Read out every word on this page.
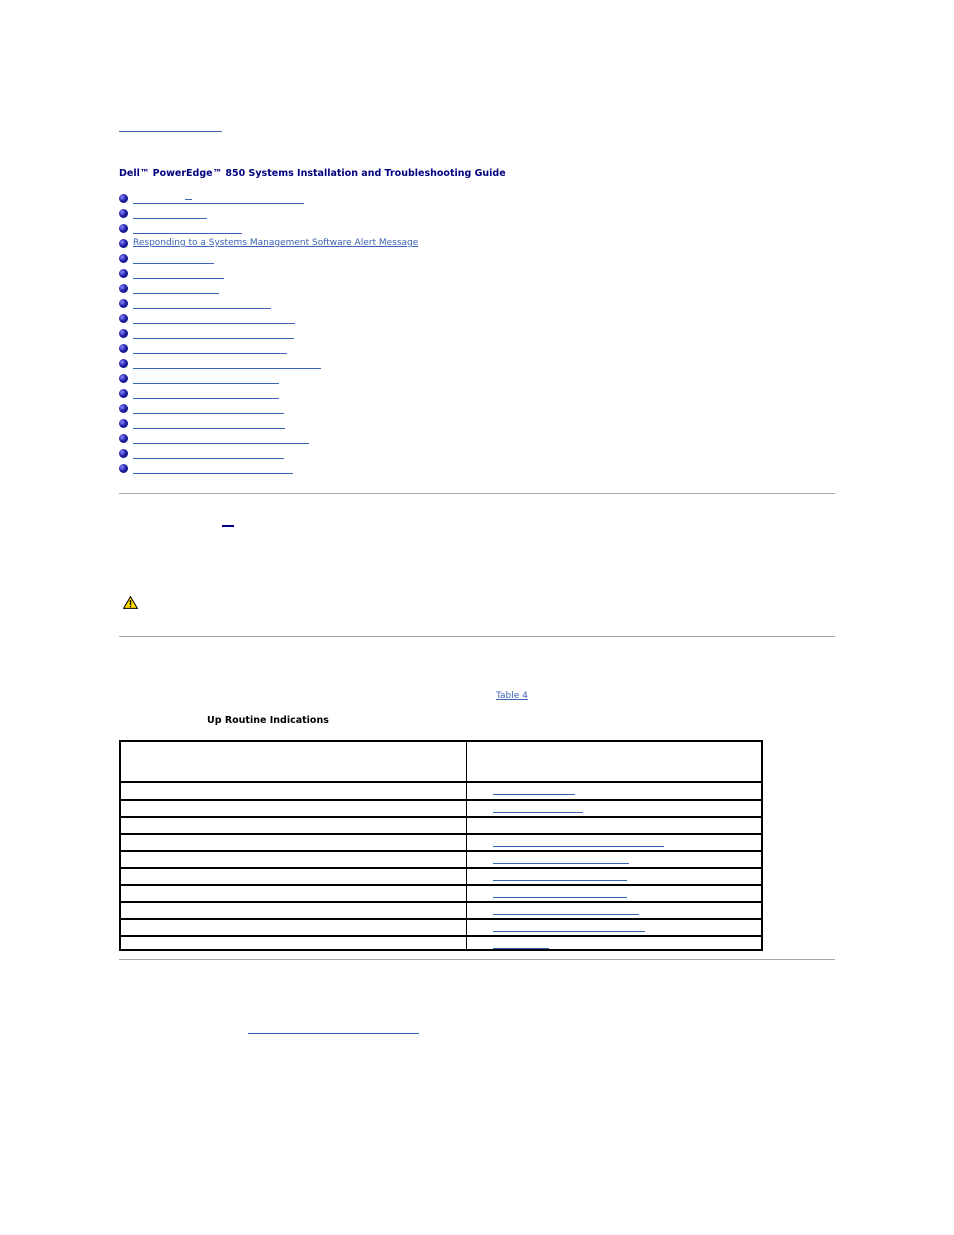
Dell™ PowerEdge™ 850 Systems Installation and Troubleshooting Guide
Responding to a Systems Management Software Alert Message
Table 4
Up Routine Indications
